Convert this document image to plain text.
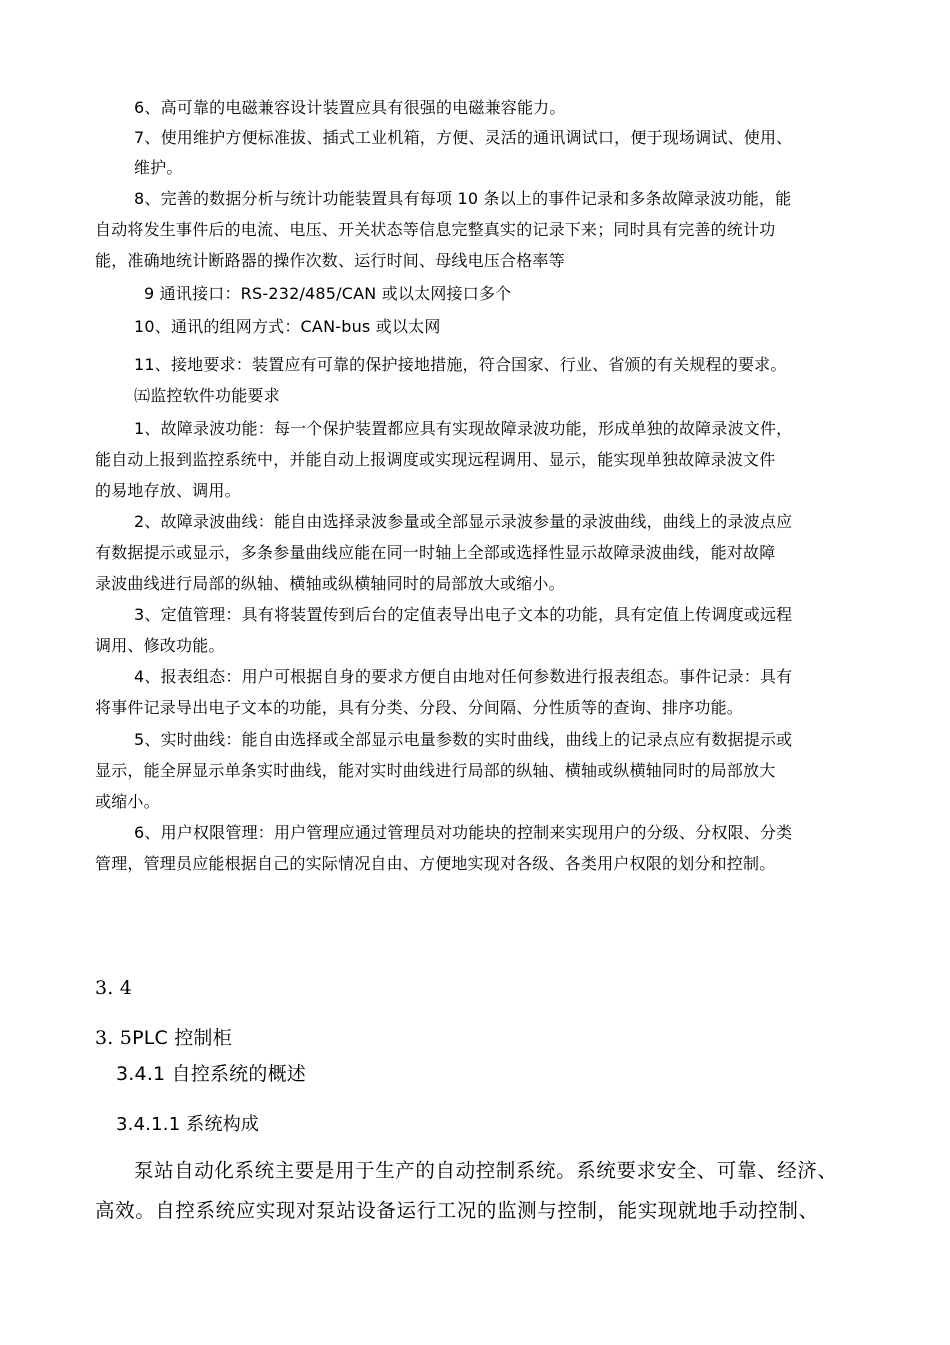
6、高可靠的电磁兼容设计装置应具有很强的电磁兼容能力。
7、使用维护方便标准拔、插式工业机箱，方便、灵活的通讯调试口，便于现场调试、使用、
维护。
8、完善的数据分析与统计功能装置具有每项 10 条以上的事件记录和多条故障录波功能，能
自动将发生事件后的电流、电压、开关状态等信息完整真实的记录下来；同时具有完善的统计功
能，准确地统计断路器的操作次数、运行时间、母线电压合格率等
9 通讯接口：RS-232/485/CAN 或以太网接口多个
10、通讯的组网方式：CAN-bus 或以太网
11、接地要求：装置应有可靠的保护接地措施，符合国家、行业、省颁的有关规程的要求。
㈤监控软件功能要求
1、故障录波功能：每一个保护装置都应具有实现故障录波功能，形成单独的故障录波文件，
能自动上报到监控系统中，并能自动上报调度或实现远程调用、显示，能实现单独故障录波文件
的易地存放、调用。
2、故障录波曲线：能自由选择录波参量或全部显示录波参量的录波曲线，曲线上的录波点应
有数据提示或显示，多条参量曲线应能在同一时轴上全部或选择性显示故障录波曲线，能对故障
录波曲线进行局部的纵轴、横轴或纵横轴同时的局部放大或缩小。
3、定值管理：具有将装置传到后台的定值表导出电子文本的功能，具有定值上传调度或远程
调用、修改功能。
4、报表组态：用户可根据自身的要求方便自由地对任何参数进行报表组态。事件记录：具有
将事件记录导出电子文本的功能，具有分类、分段、分间隔、分性质等的查询、排序功能。
5、实时曲线：能自由选择或全部显示电量参数的实时曲线，曲线上的记录点应有数据提示或
显示，能全屏显示单条实时曲线，能对实时曲线进行局部的纵轴、横轴或纵横轴同时的局部放大
或缩小。
6、用户权限管理：用户管理应通过管理员对功能块的控制来实现用户的分级、分权限、分类
管理，管理员应能根据自己的实际情况自由、方便地实现对各级、各类用户权限的划分和控制。
3. 4
3. 5PLC 控制柜
3.4.1 自控系统的概述
3.4.1.1 系统构成
泵站自动化系统主要是用于生产的自动控制系统。系统要求安全、可靠、经济、
高效。自控系统应实现对泵站设备运行工况的监测与控制，能实现就地手动控制、
